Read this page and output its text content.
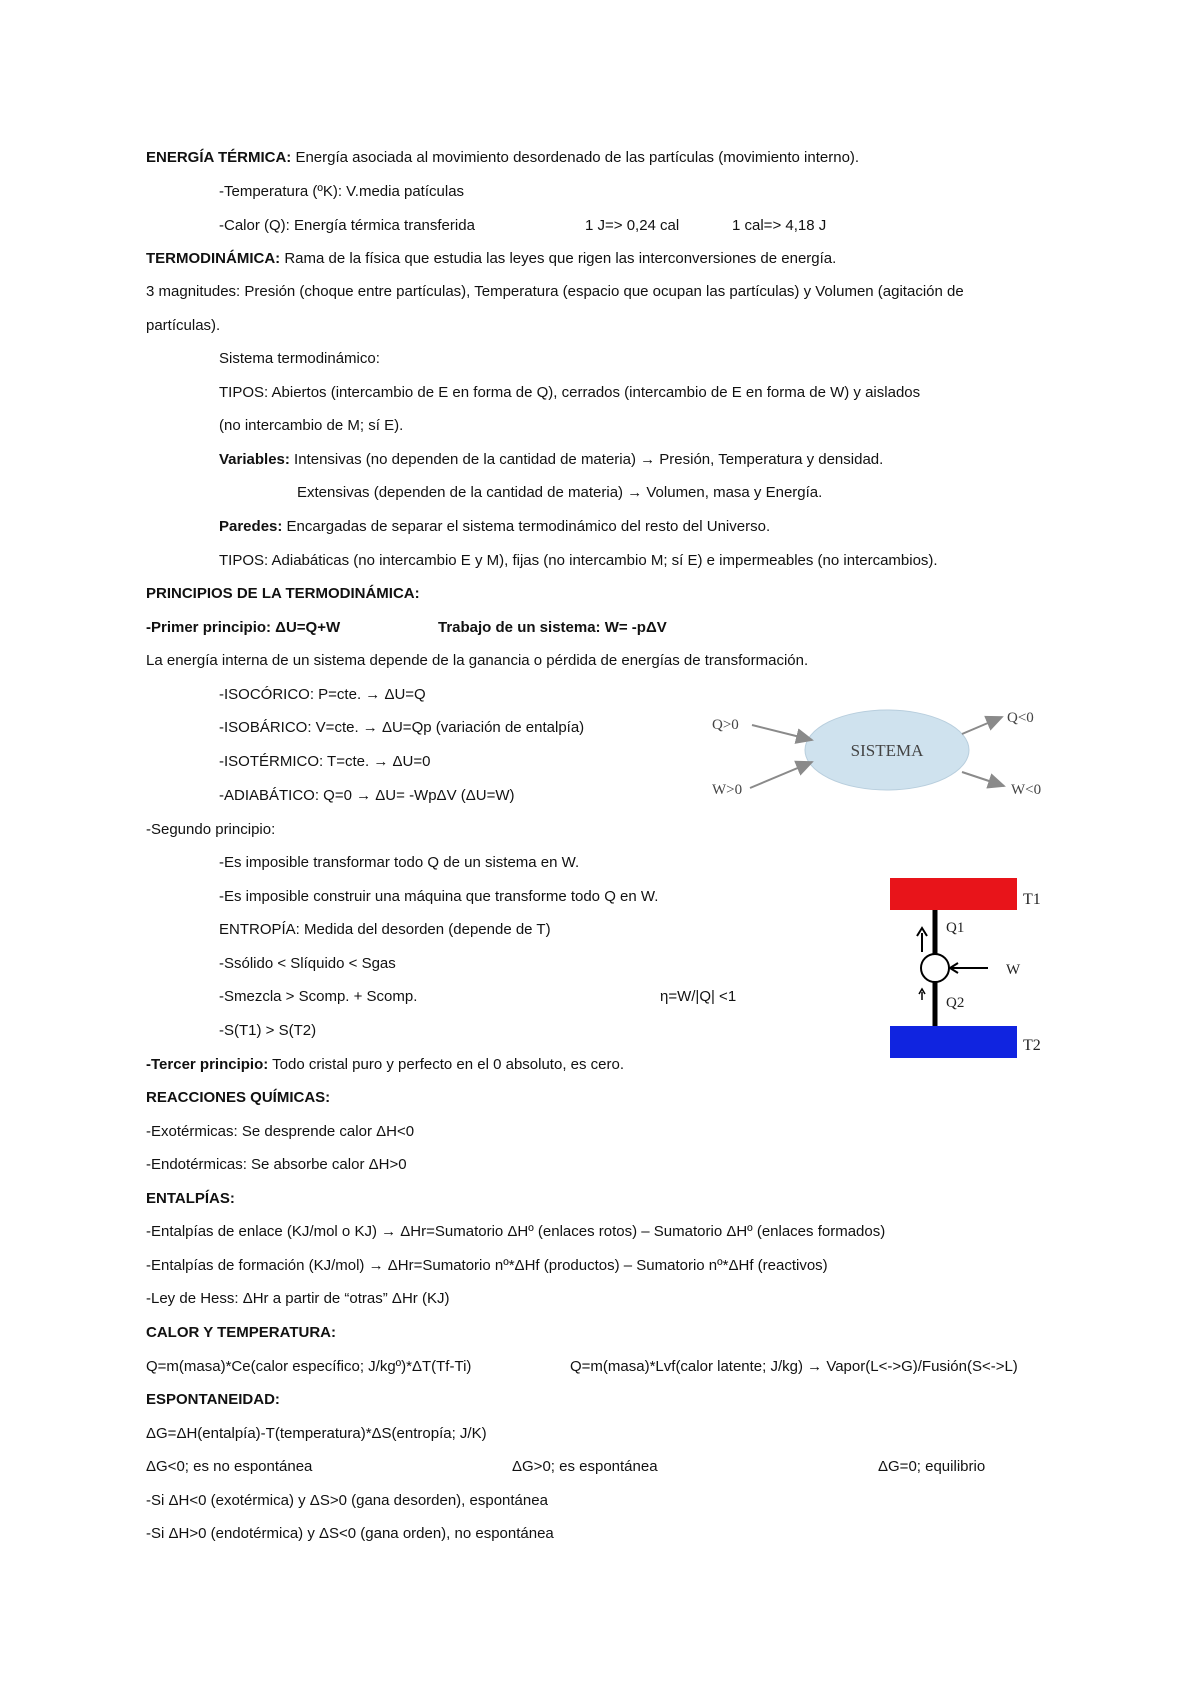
ENERGÍA TÉRMICA: Energía asociada al movimiento desordenado de las partículas (movimiento interno).
-Temperatura (ºK): V.media patículas
-Calor (Q): Energía térmica transferida	1 J=> 0,24 cal	1 cal=> 4,18 J
TERMODINÁMICA: Rama de la física que estudia las leyes que rigen las interconversiones de energía.
3 magnitudes: Presión (choque entre partículas), Temperatura (espacio que ocupan las partículas) y Volumen (agitación de
partículas).
Sistema termodinámico:
TIPOS: Abiertos (intercambio de E en forma de Q), cerrados (intercambio de E en forma de W) y aislados
(no intercambio de M; sí E).
Variables: Intensivas (no dependen de la cantidad de materia) → Presión, Temperatura y densidad.
Extensivas (dependen de la cantidad de materia) → Volumen, masa y Energía.
Paredes: Encargadas de separar el sistema termodinámico del resto del Universo.
TIPOS: Adiabáticas (no intercambio E y M), fijas (no intercambio M; sí E) e impermeables (no intercambios).
PRINCIPIOS DE LA TERMODINÁMICA:
-Primer principio: ΔU=Q+W	Trabajo de un sistema: W= -pΔV
La energía interna de un sistema depende de la ganancia o pérdida de energías de transformación.
-ISOCÓRICO: P=cte. → ΔU=Q
-ISOBÁRICO: V=cte. → ΔU=Qp (variación de entalpía)
-ISOTÉRMICO: T=cte. → ΔU=0
-ADIABÁTICO: Q=0 → ΔU= -WpΔV (ΔU=W)
SISTEMA
Q>0
W>0
Q<0
W<0
-Segundo principio:
-Es imposible transformar todo Q de un sistema en W.
-Es imposible construir una máquina que transforme todo Q en W.
ENTROPÍA: Medida del desorden (depende de T)
-Ssólido < Slíquido < Sgas
-Smezcla > Scomp. + Scomp.	η=W/|Q| <1
-S(T1) > S(T2)
T1
T2
Q1
Q2
W
-Tercer principio: Todo cristal puro y perfecto en el 0 absoluto, es cero.
REACCIONES QUÍMICAS:
-Exotérmicas: Se desprende calor ΔH<0
-Endotérmicas: Se absorbe calor ΔH>0
ENTALPÍAS:
-Entalpías de enlace (KJ/mol o KJ) → ΔHr=Sumatorio ΔHº (enlaces rotos) – Sumatorio ΔHº (enlaces formados)
-Entalpías de formación (KJ/mol) → ΔHr=Sumatorio nº*ΔHf (productos) – Sumatorio nº*ΔHf (reactivos)
-Ley de Hess: ΔHr a partir de “otras” ΔHr (KJ)
CALOR Y TEMPERATURA:
Q=m(masa)*Ce(calor específico; J/kgº)*ΔT(Tf-Ti)	Q=m(masa)*Lvf(calor latente; J/kg) → Vapor(L<->G)/Fusión(S<->L)
ESPONTANEIDAD:
ΔG=ΔH(entalpía)-T(temperatura)*ΔS(entropía; J/K)
ΔG<0; es no espontánea	ΔG>0; es espontánea	ΔG=0; equilibrio
-Si ΔH<0 (exotérmica) y ΔS>0 (gana desorden), espontánea
-Si ΔH>0 (endotérmica) y ΔS<0 (gana orden), no espontánea
